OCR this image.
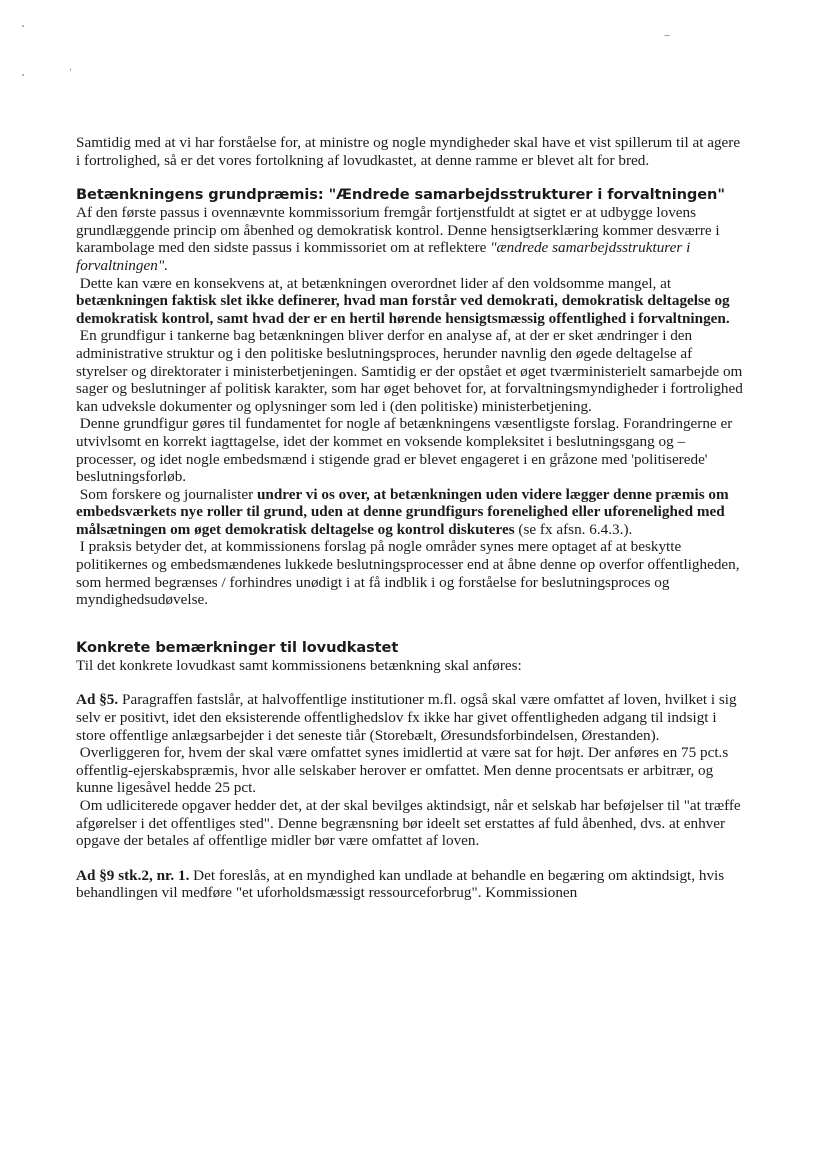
Samtidig med at vi har forståelse for, at ministre og nogle myndigheder skal have et vist spillerum til at agere i fortrolighed, så er det vores fortolkning af lovudkastet, at denne ramme er blevet alt for bred.

Betænkningens grundpræmis: "Ændrede samarbejdsstrukturer i forvaltningen"

Af den første passus i ovennævnte kommissorium fremgår fortjenstfuldt at sigtet er at udbygge lovens grundlæggende princip om åbenhed og demokratisk kontrol. Denne hensigtserklæring kommer desværre i karambolage med den sidste passus i kommissoriet om at reflektere "ændrede samarbejdsstrukturer i forvaltningen".

Dette kan være en konsekvens at, at betænkningen overordnet lider af den voldsomme mangel, at betænkningen faktisk slet ikke definerer, hvad man forstår ved demokrati, demokratisk deltagelse og demokratisk kontrol, samt hvad der er en hertil hørende hensigtsmæssig offentlighed i forvaltningen.

En grundfigur i tankerne bag betænkningen bliver derfor en analyse af, at der er sket ændringer i den administrative struktur og i den politiske beslutningsproces, herunder navnlig den øgede deltagelse af styrelser og direktorater i ministerbetjeningen. Samtidig er der opstået et øget tværministerielt samarbejde om sager og beslutninger af politisk karakter, som har øget behovet for, at forvaltningsmyndigheder i fortrolighed kan udveksle dokumenter og oplysninger som led i (den politiske) ministerbetjening.

Denne grundfigur gøres til fundamentet for nogle af betænkningens væsentligste forslag. Forandringerne er utvivlsomt en korrekt iagttagelse, idet der kommet en voksende kompleksitet i beslutningsgang og –processer, og idet nogle embedsmænd i stigende grad er blevet engageret i en gråzone med 'politiserede' beslutningsforløb.

Som forskere og journalister undrer vi os over, at betænkningen uden videre lægger denne præmis om embedsværkets nye roller til grund, uden at denne grundfigurs forenelighed eller uforenelighed med målsætningen om øget demokratisk deltagelse og kontrol diskuteres (se fx afsn. 6.4.3.).

I praksis betyder det, at kommissionens forslag på nogle områder synes mere optaget af at beskytte politikernes og embedsmændenes lukkede beslutningsprocesser end at åbne denne op overfor offentligheden, som hermed begrænses / forhindres unødigt i at få indblik i og forståelse for beslutningsproces og myndighedsudøvelse.

Konkrete bemærkninger til lovudkastet

Til det konkrete lovudkast samt kommissionens betænkning skal anføres:

Ad §5. Paragraffen fastslår, at halvoffentlige institutioner m.fl. også skal være omfattet af loven, hvilket i sig selv er positivt, idet den eksisterende offentlighedslov fx ikke har givet offentligheden adgang til indsigt i store offentlige anlægsarbejder i det seneste tiår (Storebælt, Øresundsforbindelsen, Ørestanden).

Overliggeren for, hvem der skal være omfattet synes imidlertid at være sat for højt. Der anføres en 75 pct.s offentlig-ejerskabspræmis, hvor alle selskaber herover er omfattet. Men denne procentsats er arbitrær, og kunne ligesåvel hedde 25 pct.

Om udliciterede opgaver hedder det, at der skal bevilges aktindsigt, når et selskab har beføjelser til "at træffe afgørelser i det offentliges sted". Denne begrænsning bør ideelt set erstattes af fuld åbenhed, dvs. at enhver opgave der betales af offentlige midler bør være omfattet af loven.

Ad §9 stk.2, nr. 1. Det foreslås, at en myndighed kan undlade at behandle en begæring om aktindsigt, hvis behandlingen vil medføre "et uforholdsmæssigt ressourceforbrug". Kommissionen
